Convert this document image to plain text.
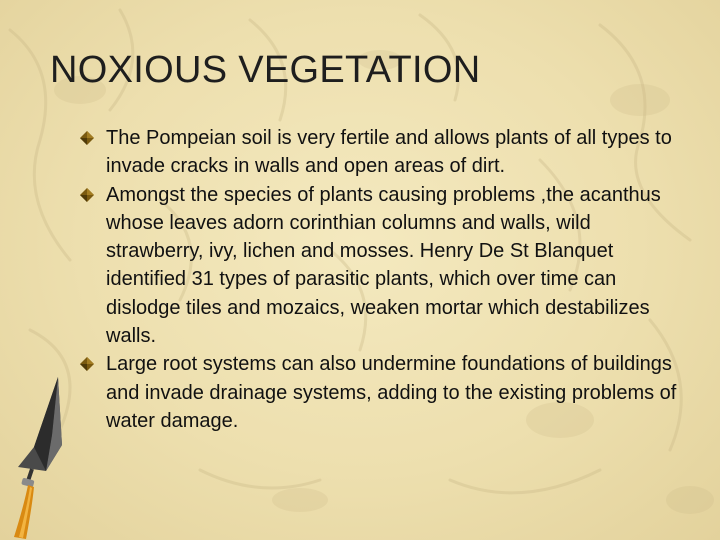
NOXIOUS VEGETATION
The Pompeian soil is very fertile and allows plants of all types to invade cracks in walls and open areas of dirt.
Amongst the species of plants causing problems ,the acanthus whose leaves adorn corinthian columns and walls, wild strawberry, ivy, lichen and mosses. Henry De St Blanquet identified 31 types of parasitic plants, which over time can dislodge tiles and mozaics, weaken mortar which destabilizes walls.
Large root systems can also undermine foundations of buildings and invade drainage systems, adding to the existing problems of water damage.
